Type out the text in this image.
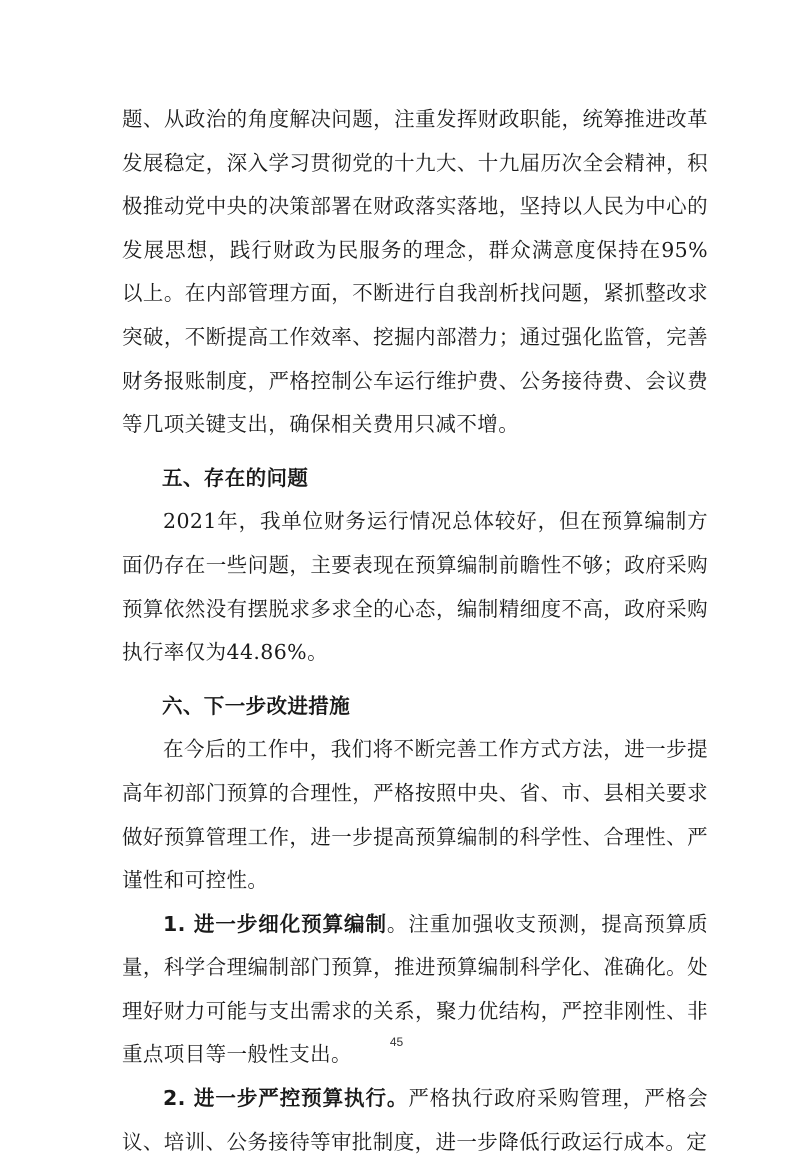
题、从政治的角度解决问题，注重发挥财政职能，统筹推进改革发展稳定，深入学习贯彻党的十九大、十九届历次全会精神，积极推动党中央的决策部署在财政落实落地，坚持以人民为中心的发展思想，践行财政为民服务的理念，群众满意度保持在95%以上。在内部管理方面，不断进行自我剖析找问题，紧抓整改求突破，不断提高工作效率、挖掘内部潜力；通过强化监管，完善财务报账制度，严格控制公车运行维护费、公务接待费、会议费等几项关键支出，确保相关费用只减不增。

五、存在的问题

2021年，我单位财务运行情况总体较好，但在预算编制方面仍存在一些问题，主要表现在预算编制前瞻性不够；政府采购预算依然没有摆脱求多求全的心态，编制精细度不高，政府采购执行率仅为44.86%。

六、下一步改进措施

在今后的工作中，我们将不断完善工作方式方法，进一步提高年初部门预算的合理性，严格按照中央、省、市、县相关要求做好预算管理工作，进一步提高预算编制的科学性、合理性、严谨性和可控性。

1. 进一步细化预算编制。注重加强收支预测，提高预算质量，科学合理编制部门预算，推进预算编制科学化、准确化。处理好财力可能与支出需求的关系，聚力优结构，严控非刚性、非重点项目等一般性支出。

2. 进一步严控预算执行。严格执行政府采购管理，严格会议、培训、公务接待等审批制度，进一步降低行政运行成本。定

45
